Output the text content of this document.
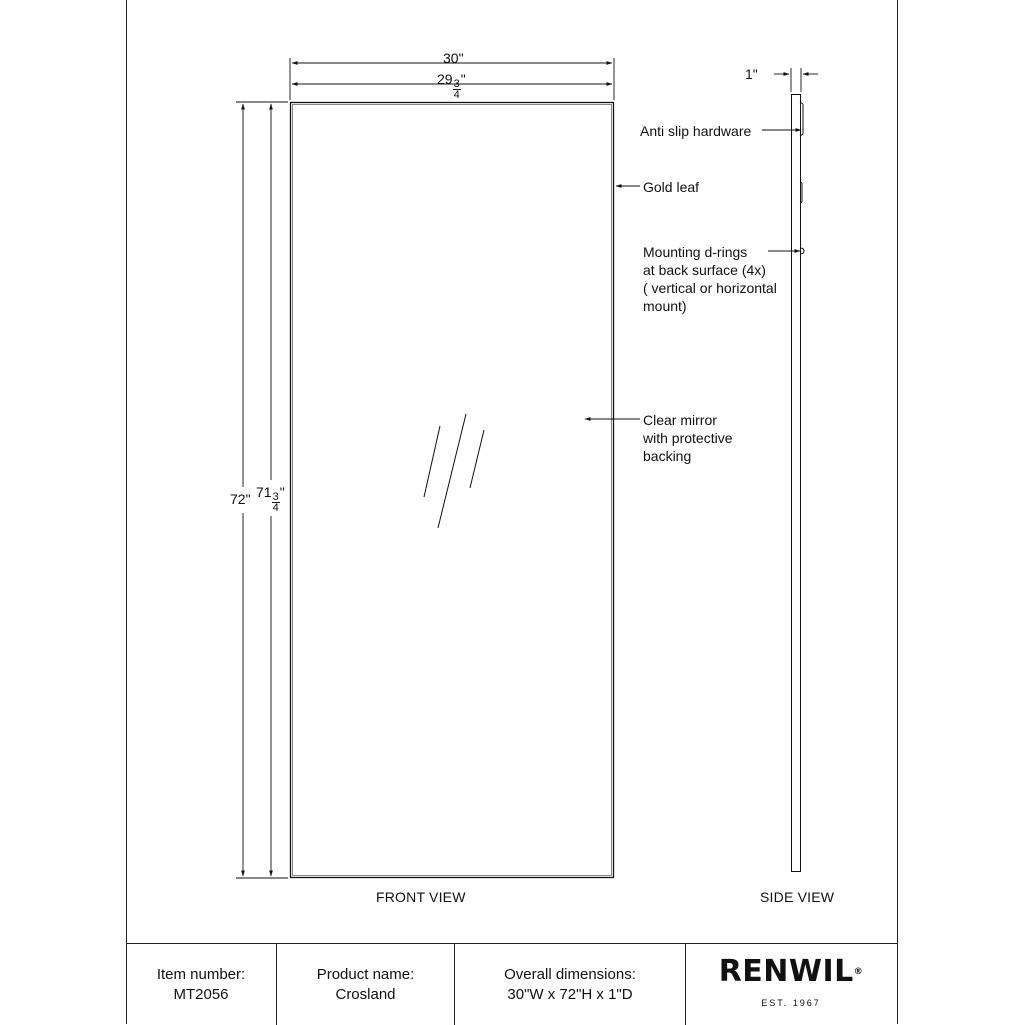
30"
$29 \frac{3}{4}$ "
72" $71 \frac{3}{4}$ "
1"
Anti slip hardware
Gold leaf
Mounting d-rings
at back surface (4x)
( vertical or horizontal
mount)
Clear mirror
with protective
backing
FRONT VIEW	SIDE VIEW
Item number:
MT2056
Product name:
Crosland
Overall dimensions:
30"W x 72"H x 1"D
RENWIL®
EST. 1967
